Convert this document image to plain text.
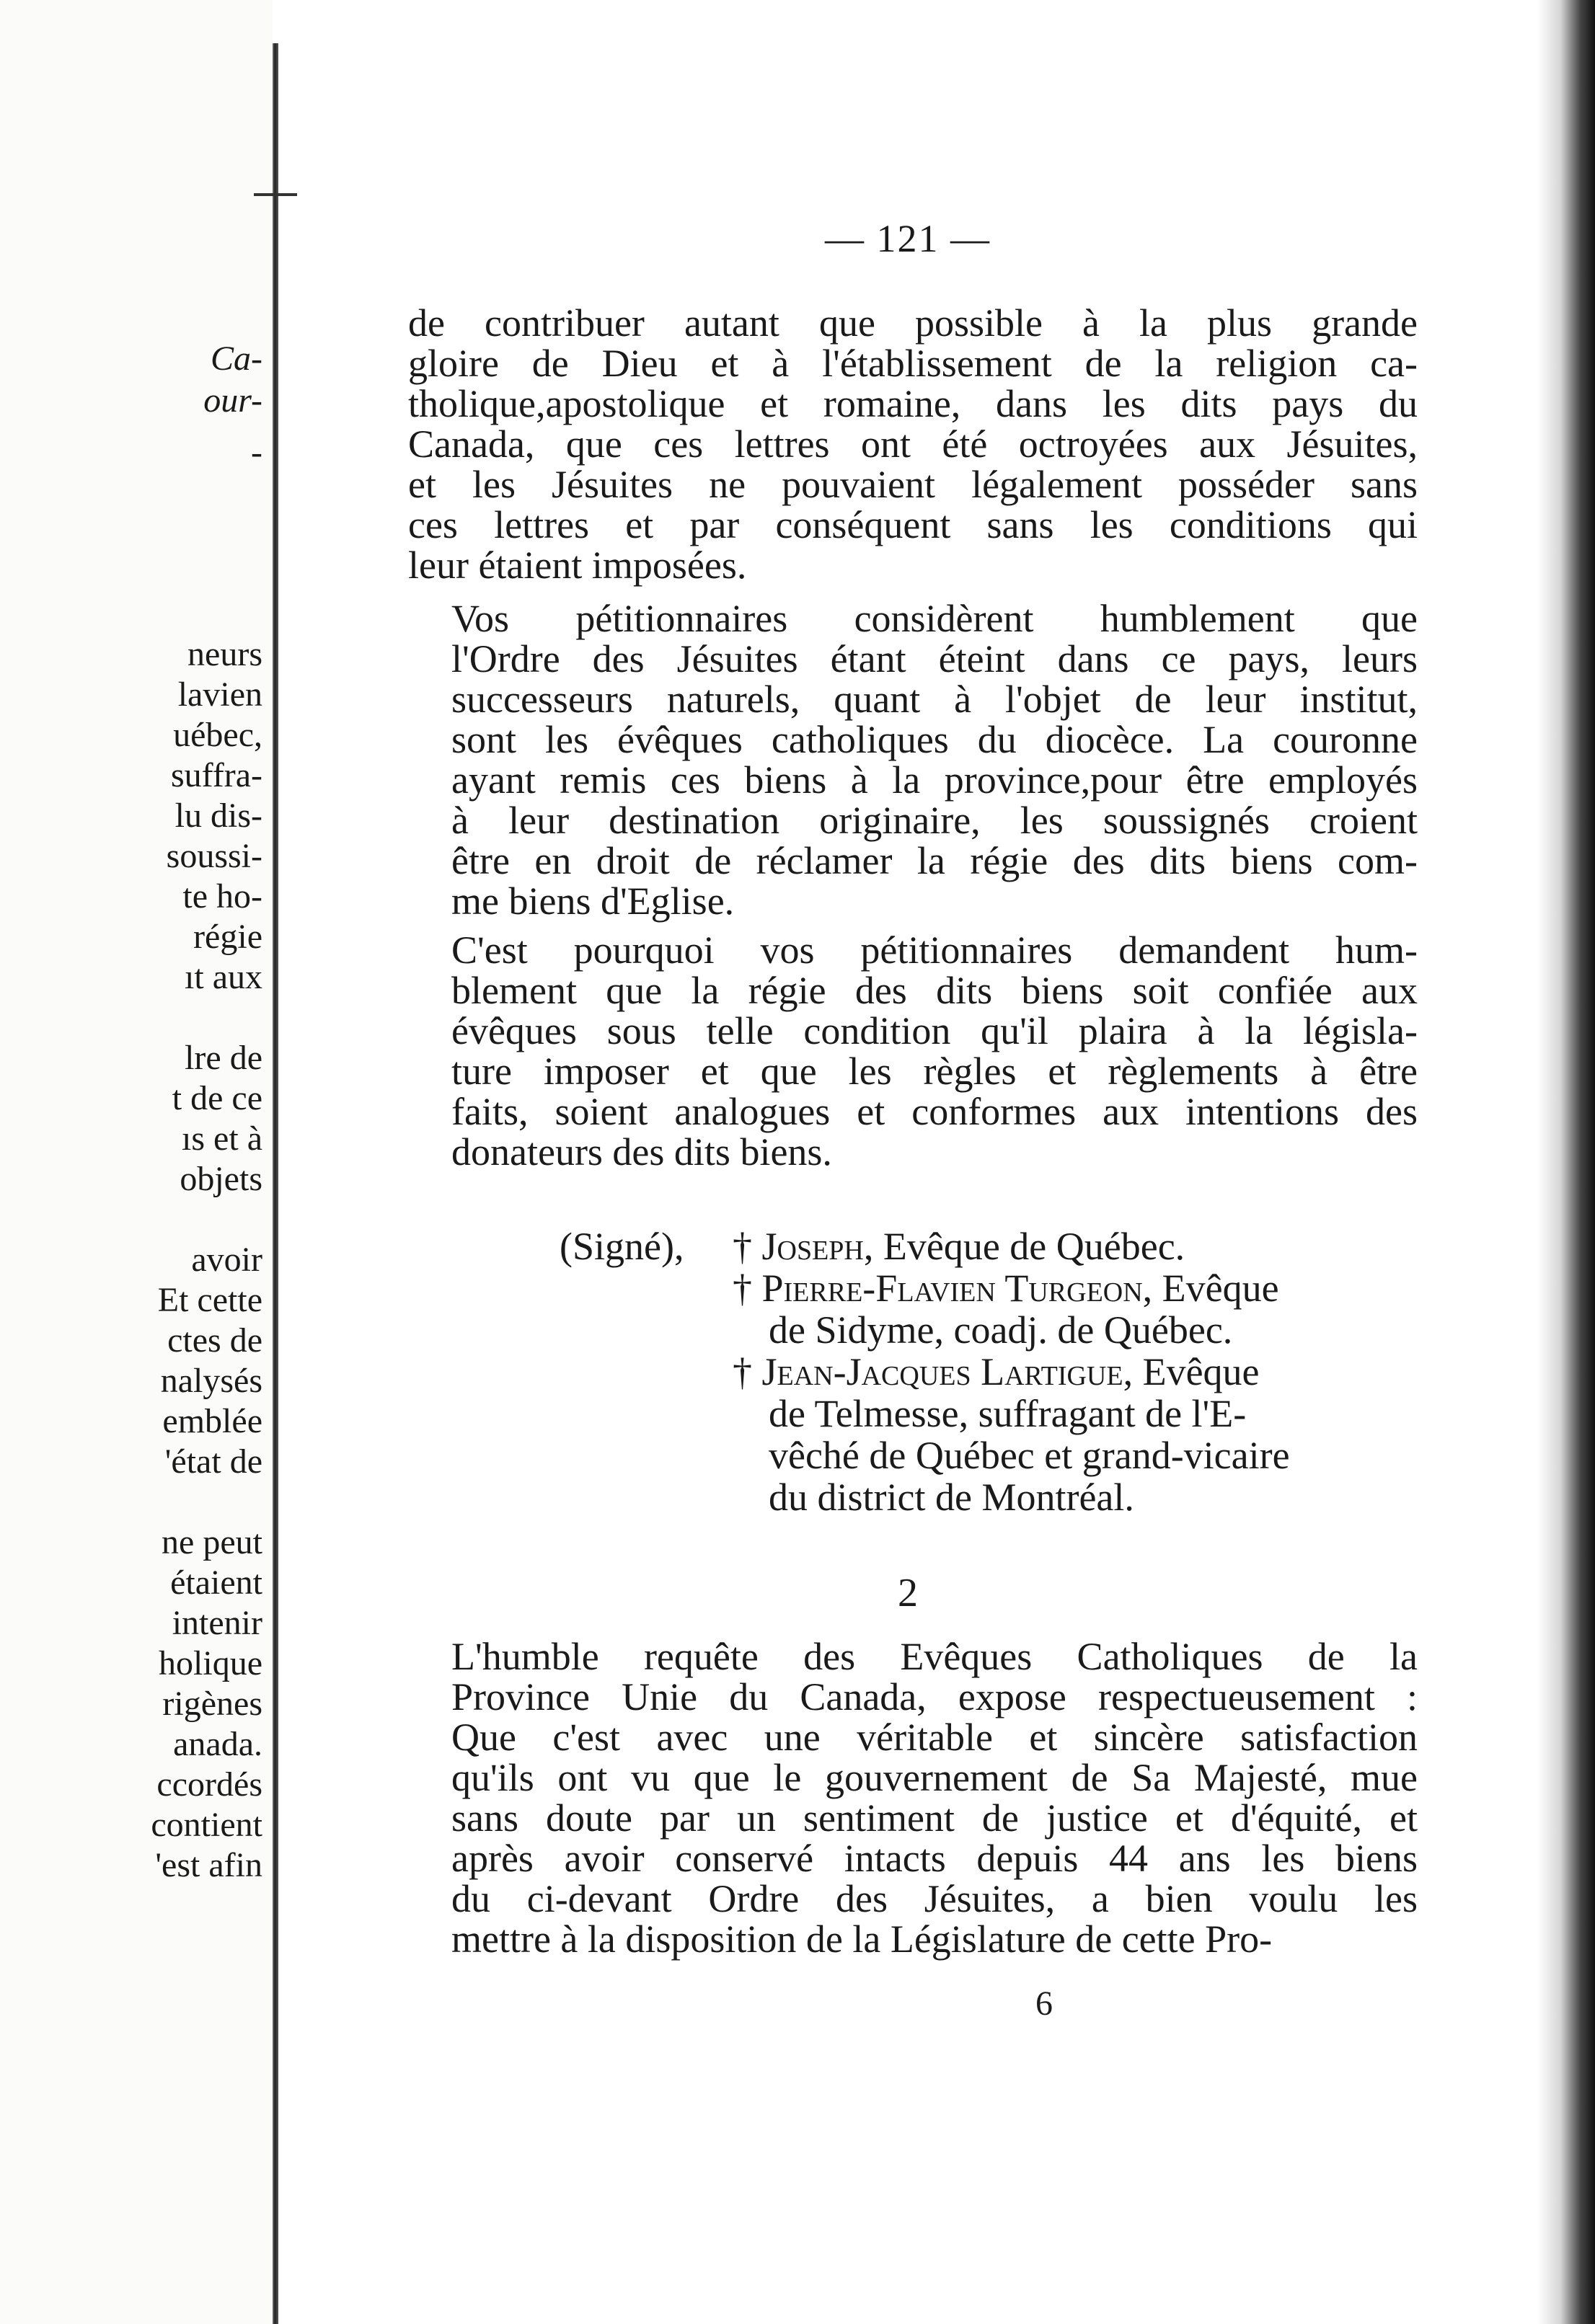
Ca-
our-
-
neurs
lavien
uébec,
suffra-
lu dis-
soussi-
te ho-
régie
ıt aux
lre de
t de ce
ıs et à
objets
avoir
Et cette
ctes de
nalysés
emblée
'état de
ne peut
étaient
intenir
holique
rigènes
anada.
ccordés
contient
'est afin
— 121 —

de contribuer autant que possible à la plus grande
gloire de Dieu et à l'établissement de la religion ca-
tholique,apostolique et romaine, dans les dits pays du
Canada, que ces lettres ont été octroyées aux Jésuites,
et les Jésuites ne pouvaient légalement posséder sans
ces lettres et par conséquent sans les conditions qui
leur étaient imposées.

Vos pétitionnaires considèrent humblement que
l'Ordre des Jésuites étant éteint dans ce pays, leurs
successeurs naturels, quant à l'objet de leur institut,
sont les évêques catholiques du diocèce. La couronne
ayant remis ces biens à la province,pour être employés
à leur destination originaire, les soussignés croient
être en droit de réclamer la régie des dits biens com-
me biens d'Eglise.

C'est pourquoi vos pétitionnaires demandent hum-
blement que la régie des dits biens soit confiée aux
évêques sous telle condition qu'il plaira à la législa-
ture imposer et que les règles et règlements à être
faits, soient analogues et conformes aux intentions des
donateurs des dits biens.

(Signé), † Joseph, Evêque de Québec.
† Pierre-Flavien Turgeon, Evêque
de Sidyme, coadj. de Québec.
† Jean-Jacques Lartigue, Evêque
de Telmesse, suffragant de l'E-
vêché de Québec et grand-vicaire
du district de Montréal.
2

L'humble requête des Evêques Catholiques de la
Province Unie du Canada, expose respectueusement :
Que c'est avec une véritable et sincère satisfaction
qu'ils ont vu que le gouvernement de Sa Majesté, mue
sans doute par un sentiment de justice et d'équité, et
après avoir conservé intacts depuis 44 ans les biens
du ci-devant Ordre des Jésuites, a bien voulu les
mettre à la disposition de la Législature de cette Pro-

6
